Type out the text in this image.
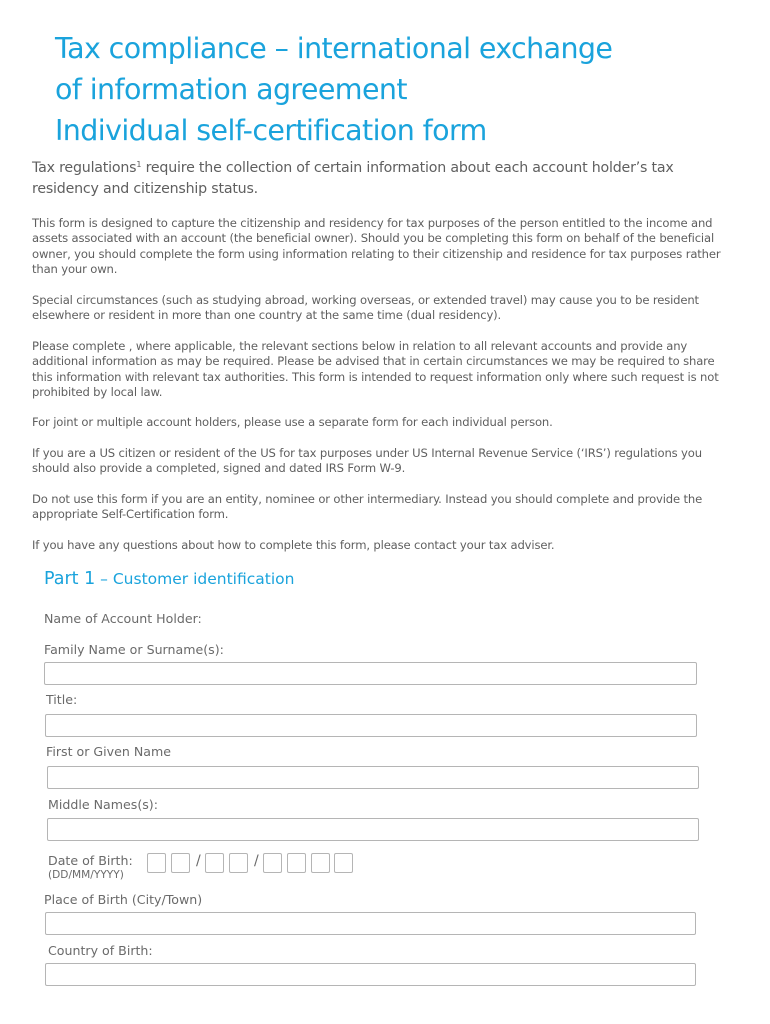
Tax compliance – international exchange
of information agreement
Individual self-certification form
Tax regulations$^1$ require the collection of certain information about each account holder’s tax residency and citizenship status.
This form is designed to capture the citizenship and residency for tax purposes of the person entitled to the income and assets associated with an account (the beneficial owner). Should you be completing this form on behalf of the beneficial owner, you should complete the form using information relating to their citizenship and residence for tax purposes rather than your own.
Special circumstances (such as studying abroad, working overseas, or extended travel) may cause you to be resident elsewhere or resident in more than one country at the same time (dual residency).
Please complete , where applicable, the relevant sections below in relation to all relevant accounts and provide any additional information as may be required. Please be advised that in certain circumstances we may be required to share this information with relevant tax authorities. This form is intended to request information only where such request is not prohibited by local law.
For joint or multiple account holders, please use a separate form for each individual person.
If you are a US citizen or resident of the US for tax purposes under US Internal Revenue Service (‘IRS’) regulations you should also provide a completed, signed and dated IRS Form W-9.
Do not use this form if you are an entity, nominee or other intermediary. Instead you should complete and provide the appropriate Self-Certification form.
If you have any questions about how to complete this form, please contact your tax adviser.
Part 1 – Customer identification
Name of Account Holder:
Family Name or Surname(s):
Title:
First or Given Name
Middle Names(s):
Date of Birth:
(DD/MM/YYYY)
/	/
Place of Birth (City/Town)
Country of Birth:
